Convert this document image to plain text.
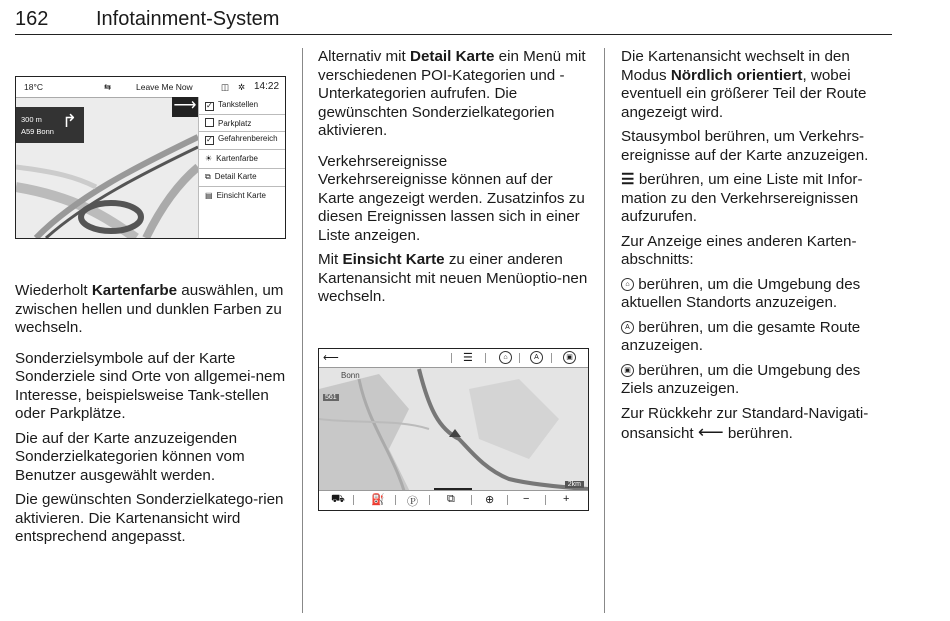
162 Infotainment-System
18°C	⇆	Leave Me Now	◫ ✲ 14:22
300 m
A59 Bonn
↱
⟶ ✓ Tankstellen
Parkplatz
✓ Gefahrenbereich
☀ Kartenfarbe
⧉ Detail Karte
▤ Einsicht Karte

Wiederholt Kartenfarbe auswählen, um zwischen hellen und dunklen Farben zu wechseln.

Sonderzielsymbole auf der Karte

Sonderziele sind Orte von allgemei-nem Interesse, beispielsweise Tank-stellen oder Parkplätze.

Die auf der Karte anzuzeigenden Sonderzielkategorien können vom Benutzer ausgewählt werden.

Die gewünschten Sonderzielkatego-rien aktivieren. Die Kartenansicht wird entsprechend angepasst.

Alternativ mit Detail Karte ein Menü mit verschiedenen POI-Kategorien und -Unterkategorien aufrufen. Die gewünschten Sonderzielkategorien aktivieren.

Verkehrsereignisse

Verkehrsereignisse können auf der Karte angezeigt werden. Zusatzinfos zu diesen Ereignissen lassen sich in einer Liste anzeigen.

Mit Einsicht Karte zu einer anderen Kartenansicht mit neuen Menüoptio-nen wechseln.

⟵	☰	⌂	A	▣
Bonn
561
2km
⛟ ⛽ Ⓟ	⧉	⊕	−	+

Die Kartenansicht wechselt in den Modus Nördlich orientiert, wobei eventuell ein größerer Teil der Route angezeigt wird.

Stausymbol berühren, um Verkehrs-ereignisse auf der Karte anzuzeigen.

☰ berühren, um eine Liste mit Infor-mation zu den Verkehrsereignissen aufzurufen.

Zur Anzeige eines anderen Karten-abschnitts:

⌂ berühren, um die Umgebung des aktuellen Standorts anzuzeigen.

A berühren, um die gesamte Route anzuzeigen.

▣ berühren, um die Umgebung des Ziels anzuzeigen.

Zur Rückkehr zur Standard-Navigati-onsansicht ⟵ berühren.
